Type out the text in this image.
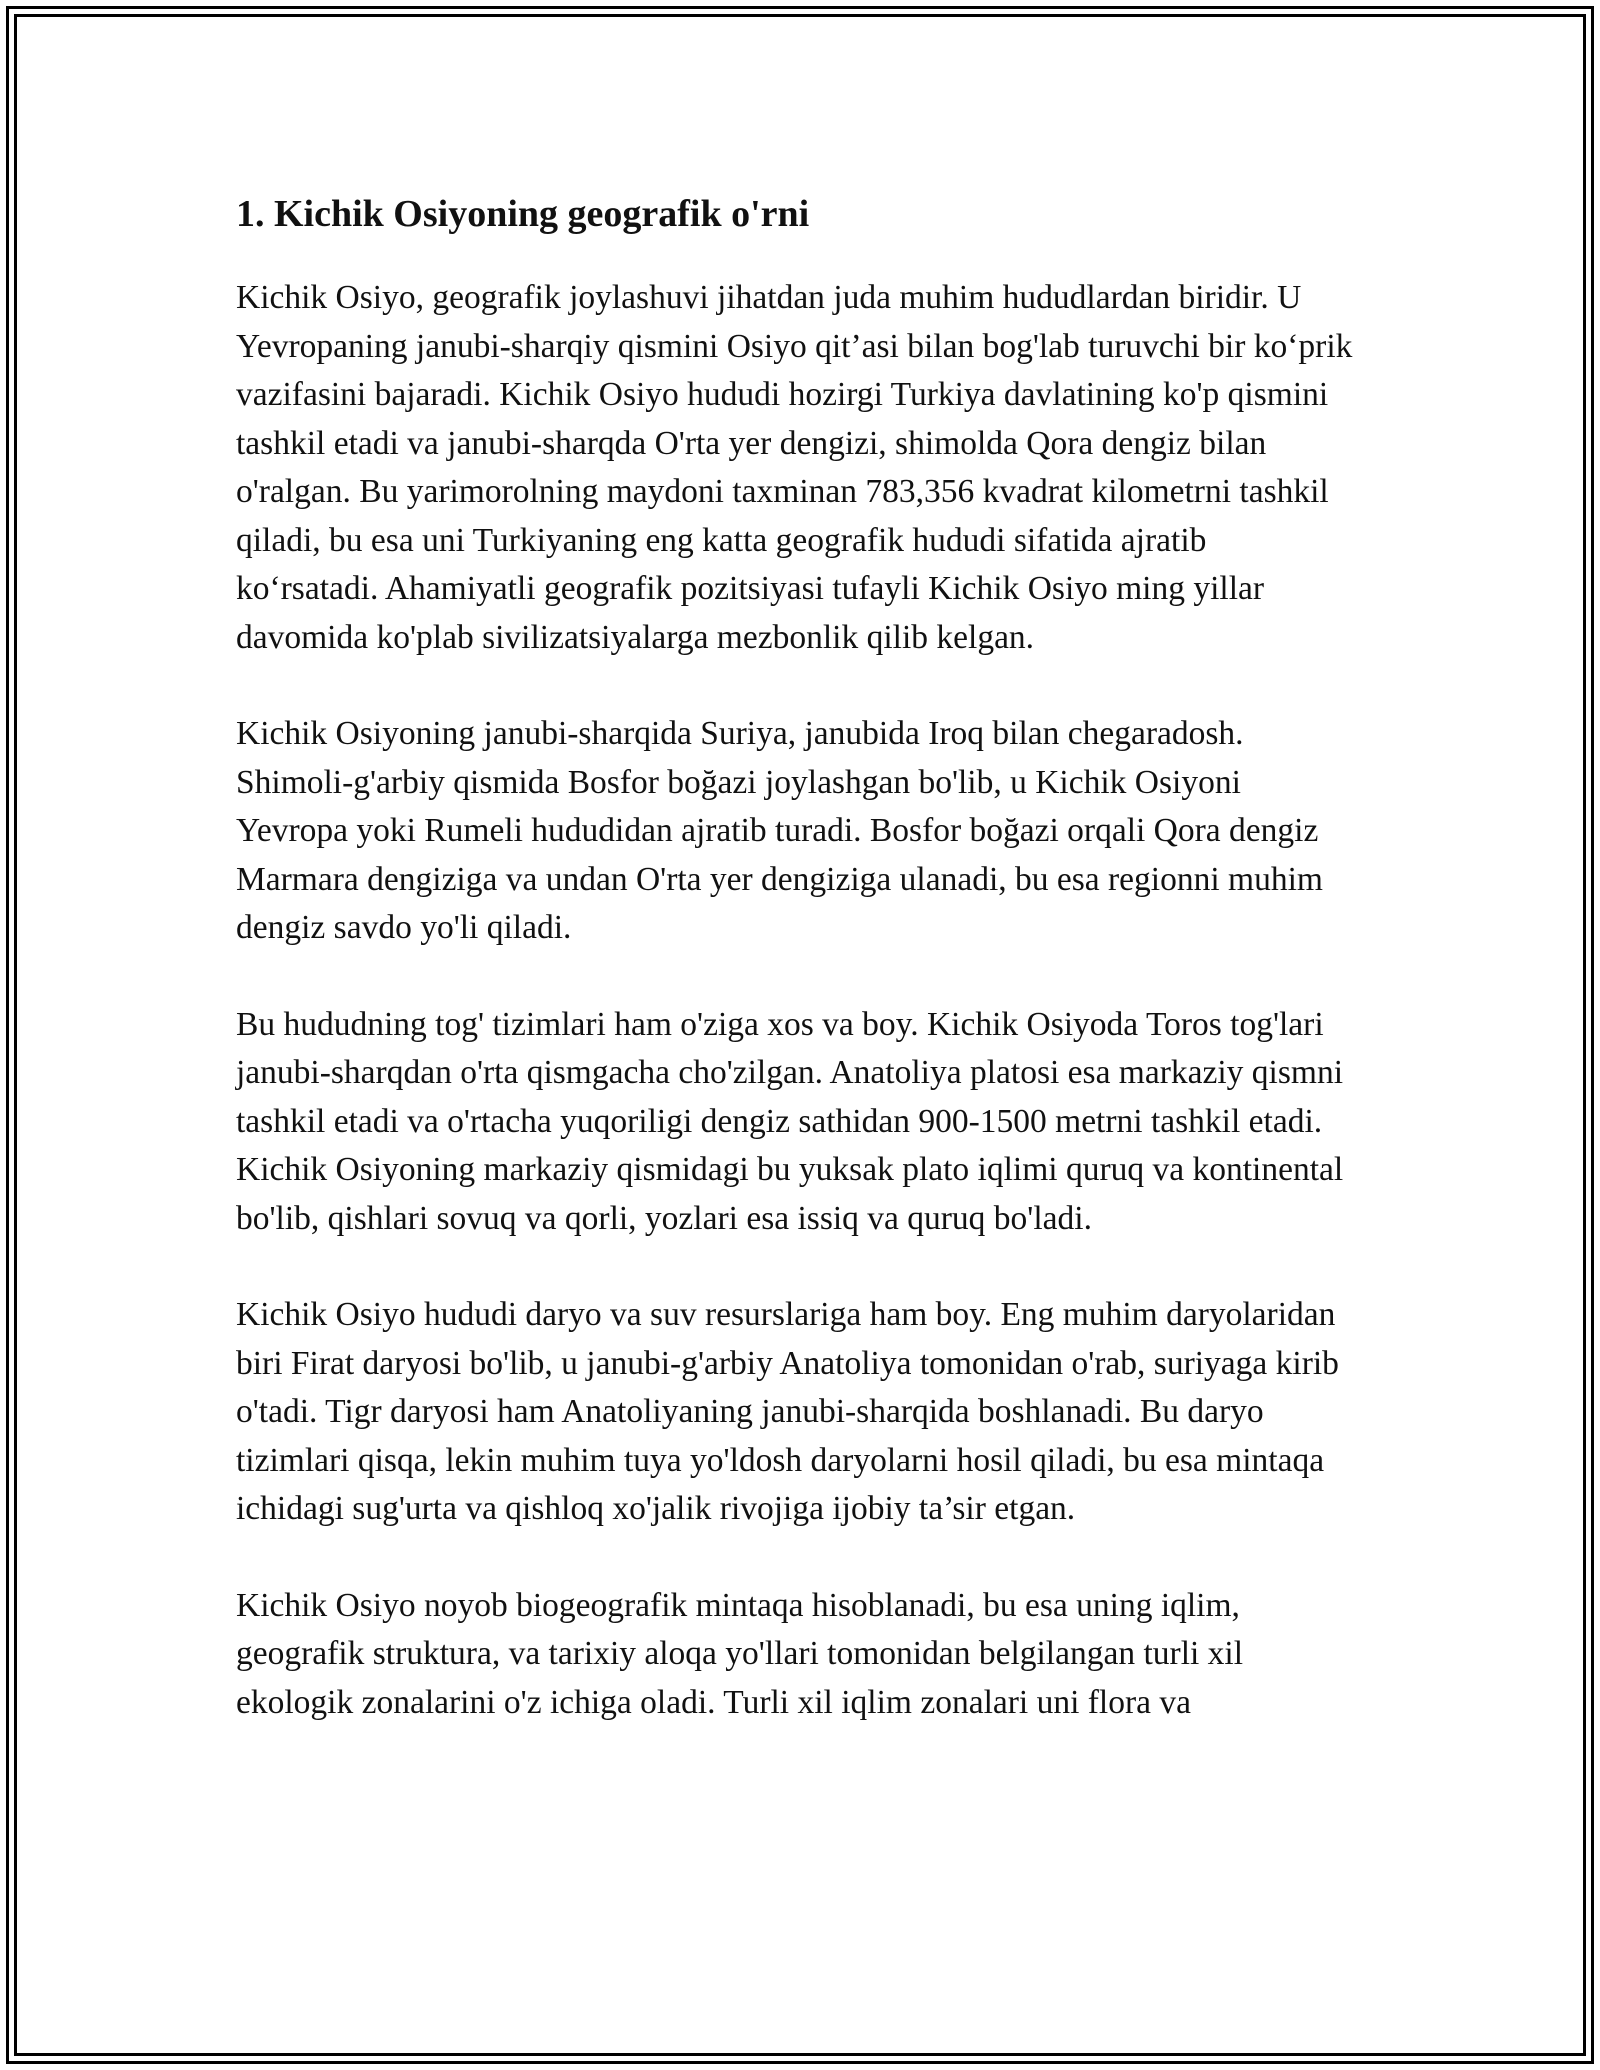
1. Kichik Osiyoning geografik o'rni

Kichik Osiyo, geografik joylashuvi jihatdan juda muhim hududlardan biridir. U Yevropaning janubi-sharqiy qismini Osiyo qit’asi bilan bog'lab turuvchi bir ko‘prik vazifasini bajaradi. Kichik Osiyo hududi hozirgi Turkiya davlatining ko'p qismini tashkil etadi va janubi-sharqda O'rta yer dengizi, shimolda Qora dengiz bilan o'ralgan. Bu yarimorolning maydoni taxminan 783,356 kvadrat kilometrni tashkil qiladi, bu esa uni Turkiyaning eng katta geografik hududi sifatida ajratib ko‘rsatadi. Ahamiyatli geografik pozitsiyasi tufayli Kichik Osiyo ming yillar davomida ko'plab sivilizatsiyalarga mezbonlik qilib kelgan.

Kichik Osiyoning janubi-sharqida Suriya, janubida Iroq bilan chegaradosh. Shimoli-g'arbiy qismida Bosfor boğazi joylashgan bo'lib, u Kichik Osiyoni Yevropa yoki Rumeli hududidan ajratib turadi. Bosfor boğazi orqali Qora dengiz Marmara dengiziga va undan O'rta yer dengiziga ulanadi, bu esa regionni muhim dengiz savdo yo'li qiladi.

Bu hududning tog' tizimlari ham o'ziga xos va boy. Kichik Osiyoda Toros tog'lari janubi-sharqdan o'rta qismgacha cho'zilgan. Anatoliya platosi esa markaziy qismni tashkil etadi va o'rtacha yuqoriligi dengiz sathidan 900-1500 metrni tashkil etadi. Kichik Osiyoning markaziy qismidagi bu yuksak plato iqlimi quruq va kontinental bo'lib, qishlari sovuq va qorli, yozlari esa issiq va quruq bo'ladi.

Kichik Osiyo hududi daryo va suv resurslariga ham boy. Eng muhim daryolaridan biri Firat daryosi bo'lib, u janubi-g'arbiy Anatoliya tomonidan o'rab, suriyaga kirib o'tadi. Tigr daryosi ham Anatoliyaning janubi-sharqida boshlanadi. Bu daryo tizimlari qisqa, lekin muhim tuya yo'ldosh daryolarni hosil qiladi, bu esa mintaqa ichidagi sug'urta va qishloq xo'jalik rivojiga ijobiy ta’sir etgan.

Kichik Osiyo noyob biogeografik mintaqa hisoblanadi, bu esa uning iqlim, geografik struktura, va tarixiy aloqa yo'llari tomonidan belgilangan turli xil ekologik zonalarini o'z ichiga oladi. Turli xil iqlim zonalari uni flora va
